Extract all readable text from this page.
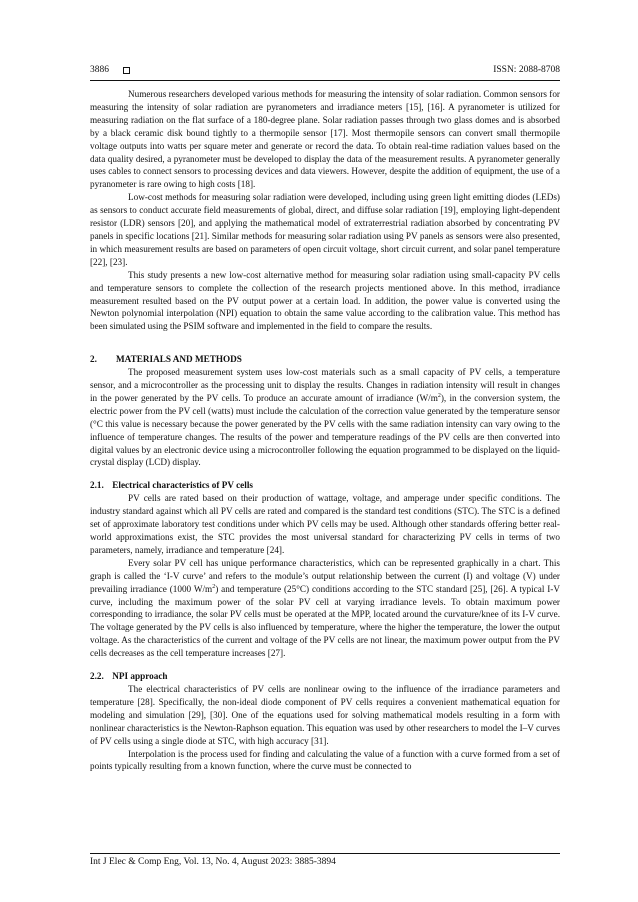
3886	ISSN: 2088-8708

Numerous researchers developed various methods for measuring the intensity of solar radiation. Common sensors for measuring the intensity of solar radiation are pyranometers and irradiance meters [15], [16]. A pyranometer is utilized for measuring radiation on the flat surface of a 180-degree plane. Solar radiation passes through two glass domes and is absorbed by a black ceramic disk bound tightly to a thermopile sensor [17]. Most thermopile sensors can convert small thermopile voltage outputs into watts per square meter and generate or record the data. To obtain real-time radiation values based on the data quality desired, a pyranometer must be developed to display the data of the measurement results. A pyranometer generally uses cables to connect sensors to processing devices and data viewers. However, despite the addition of equipment, the use of a pyranometer is rare owing to high costs [18].

Low-cost methods for measuring solar radiation were developed, including using green light emitting diodes (LEDs) as sensors to conduct accurate field measurements of global, direct, and diffuse solar radiation [19], employing light-dependent resistor (LDR) sensors [20], and applying the mathematical model of extraterrestrial radiation absorbed by concentrating PV panels in specific locations [21]. Similar methods for measuring solar radiation using PV panels as sensors were also presented, in which measurement results are based on parameters of open circuit voltage, short circuit current, and solar panel temperature [22], [23].

This study presents a new low-cost alternative method for measuring solar radiation using small-capacity PV cells and temperature sensors to complete the collection of the research projects mentioned above. In this method, irradiance measurement resulted based on the PV output power at a certain load. In addition, the power value is converted using the Newton polynomial interpolation (NPI) equation to obtain the same value according to the calibration value. This method has been simulated using the PSIM software and implemented in the field to compare the results.

2. MATERIALS AND METHODS

The proposed measurement system uses low-cost materials such as a small capacity of PV cells, a temperature sensor, and a microcontroller as the processing unit to display the results. Changes in radiation intensity will result in changes in the power generated by the PV cells. To produce an accurate amount of irradiance $(W/m^2)$, in the conversion system, the electric power from the PV cell (watts) must include the calculation of the correction value generated by the temperature sensor (°C this value is necessary because the power generated by the PV cells with the same radiation intensity can vary owing to the influence of temperature changes. The results of the power and temperature readings of the PV cells are then converted into digital values by an electronic device using a microcontroller following the equation programmed to be displayed on the liquid-crystal display (LCD) display.

2.1. Electrical characteristics of PV cells

PV cells are rated based on their production of wattage, voltage, and amperage under specific conditions. The industry standard against which all PV cells are rated and compared is the standard test conditions (STC). The STC is a defined set of approximate laboratory test conditions under which PV cells may be used. Although other standards offering better real-world approximations exist, the STC provides the most universal standard for characterizing PV cells in terms of two parameters, namely, irradiance and temperature [24].

Every solar PV cell has unique performance characteristics, which can be represented graphically in a chart. This graph is called the ‘I-V curve’ and refers to the module’s output relationship between the current (I) and voltage (V) under prevailing irradiance (1000 $W/m^2$) and temperature (25°C) conditions according to the STC standard [25], [26]. A typical I-V curve, including the maximum power of the solar PV cell at varying irradiance levels. To obtain maximum power corresponding to irradiance, the solar PV cells must be operated at the MPP, located around the curvature/knee of its I-V curve. The voltage generated by the PV cells is also influenced by temperature, where the higher the temperature, the lower the output voltage. As the characteristics of the current and voltage of the PV cells are not linear, the maximum power output from the PV cells decreases as the cell temperature increases [27].

2.2. NPI approach

The electrical characteristics of PV cells are nonlinear owing to the influence of the irradiance parameters and temperature [28]. Specifically, the non-ideal diode component of PV cells requires a convenient mathematical equation for modeling and simulation [29], [30]. One of the equations used for solving mathematical models resulting in a form with nonlinear characteristics is the Newton-Raphson equation. This equation was used by other researchers to model the I–V curves of PV cells using a single diode at STC, with high accuracy [31].

Interpolation is the process used for finding and calculating the value of a function with a curve formed from a set of points typically resulting from a known function, where the curve must be connected to

Int J Elec & Comp Eng, Vol. 13, No. 4, August 2023: 3885-3894
